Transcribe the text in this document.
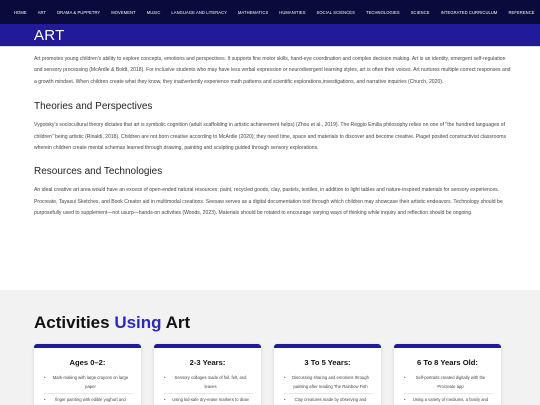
HOME	ART	DRAMA & PUPPETRY	MOVEMENT	MUSIC	LANGUAGE AND LITERACY	MATHEMATICS	HUMANITIES	SOCIAL SCIENCES	TECHNOLOGIES	SCIENCE	INTEGRATED CURRICULUM	REFERENCE
ART

Art promotes young children's ability to explore concepts, emotions and perspectives. It supports fine motor skills, hand-eye coordination and complex decision making. Art is an identity, emergent self-regulation and sensory processing (McArdle & Boldt, 2018). For inclusive students who may have less verbal expression or neurodivergent learning styles, art is often their voices. Art nurtures multiple correct responses and a growth mindset. When children create what they know, they inadvertently experience math patterns and scientific explorations,investigations, and narrative inquiries (Church, 2020).

Theories and Perspectives

Vygotsky's sociocultural theory dictates that art is symbolic cognition (adult scaffolding in artistic achievement helps) (Zhou et al., 2019). The Reggio Emilia philosophy relies on one of "the hundred languages of children" being artistic (Rinaldi, 2018). Children are not born creative according to McArdle (2020); they need time, space and materials to discover and become creative. Piaget posited constructivist classrooms wherein children create mental schemas learned through drawing, painting and sculpting guided through sensory explorations.

Resources and Technologies

An ideal creative art area would have an excess of open-ended natural resources: paint, recycled goods, clay, pastels, textiles, in addition to light tables and nature-inspired materials for sensory experiences. Procreate, Tayasui Sketches, and Book Creator aid in multimodal creations. Seesaw serves as a digital documentation tool through which children may showcase their artistic endeavors. Technology should be purposefully used to supplement—not usurp—hands-on activities (Woods, 2023). Materials should be rotated to encourage varying ways of thinking while inquiry and reflection should be ongoing.

Activities Using Art
Ages 0–2:
• Mark-making with large crayons on large paper
• finger painting with edible yoghurt and
2-3 Years:
• Sensory collages made of foil, felt, and leaves
• Using kid-safe dry-erase markers to draw
3 To 5 Years:
• Discussing sharing and emotions through painting after reading The Rainbow Fish
• Clay creatures made by observing and
6 To 8 Years Old:
• Self-portraits created digitally with the Procreate app
• Using a variety of mediums, a family and
